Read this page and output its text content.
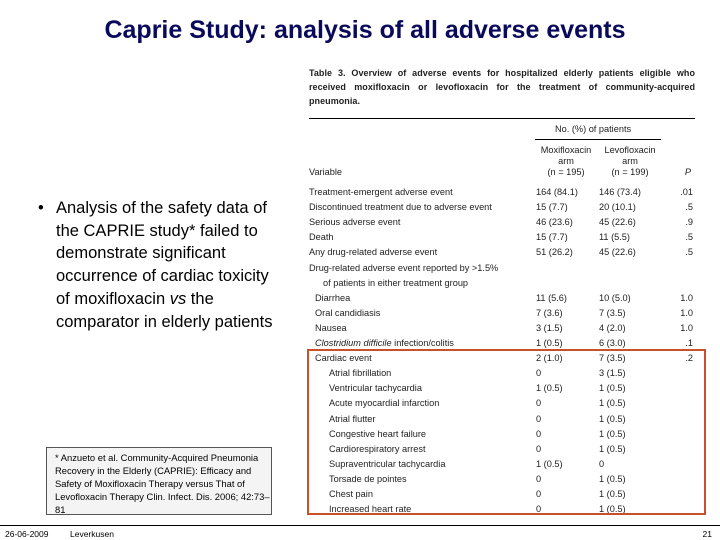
Caprie Study: analysis of all adverse events
• Analysis of the safety data of the CAPRIE study* failed to demonstrate significant occurrence of cardiac toxicity of moxifloxacin vs the comparator in elderly patients
* Anzueto et al. Community-Acquired Pneumonia Recovery in the Elderly (CAPRIE): Efficacy and Safety of Moxifloxacin Therapy versus That of Levofloxacin Therapy Clin. Infect. Dis. 2006; 42:73–81
Table 3. Overview of adverse events for hospitalized elderly patients eligible who received moxifloxacin or levofloxacin for the treatment of community-acquired pneumonia.
No. (%) of patients
Moxifloxacin
arm
(n = 195)
Levofloxacin
arm
(n = 199)
Variable	P
Treatment-emergent adverse event	164 (84.1) 146 (73.4)	.01
Discontinued treatment due to adverse event	15 (7.7)	20 (10.1)	.5
Serious adverse event	46 (23.6)	45 (22.6)	.9
Death	15 (7.7)	11 (5.5)	.5
Any drug-related adverse event	51 (26.2)	45 (22.6)	.5
Drug-related adverse event reported by >1.5%
of patients in either treatment group
Diarrhea	11 (5.6)	10 (5.0)	1.0
Oral candidiasis	7 (3.6)	7 (3.5)	1.0
Nausea	3 (1.5)	4 (2.0)	1.0
Clostridium difficile infection/colitis	1 (0.5)	6 (3.0)	.1
Cardiac event	2 (1.0)	7 (3.5)	.2
Atrial fibrillation	0	3 (1.5)
Ventricular tachycardia	1 (0.5)	1 (0.5)
Acute myocardial infarction	0	1 (0.5)
Atrial flutter	0	1 (0.5)
Congestive heart failure	0	1 (0.5)
Cardiorespiratory arrest	0	1 (0.5)
Supraventricular tachycardia	1 (0.5)	0
Torsade de pointes	0	1 (0.5)
Chest pain	0	1 (0.5)
Increased heart rate	0	1 (0.5)
26-06-2009	Leverkusen	21
